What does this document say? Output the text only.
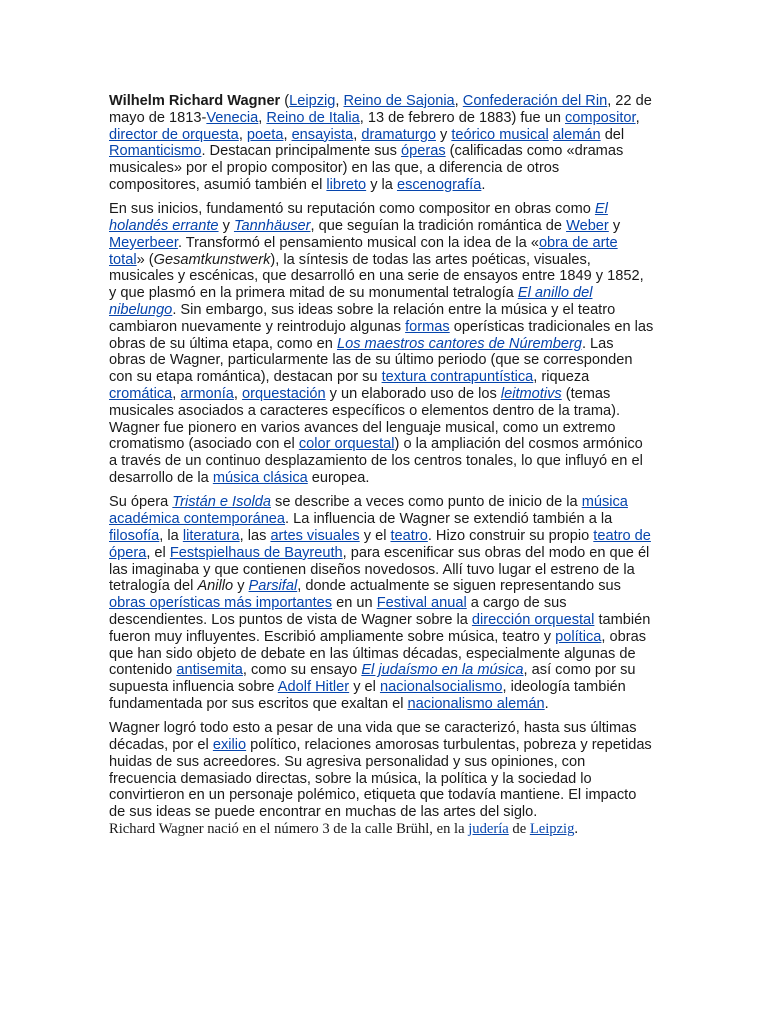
Wilhelm Richard Wagner (Leipzig, Reino de Sajonia, Confederación del Rin, 22 de mayo de 1813-Venecia, Reino de Italia, 13 de febrero de 1883) fue un compositor, director de orquesta, poeta, ensayista, dramaturgo y teórico musical alemán del Romanticismo. Destacan principalmente sus óperas (calificadas como «dramas musicales» por el propio compositor) en las que, a diferencia de otros compositores, asumió también el libreto y la escenografía.

En sus inicios, fundamentó su reputación como compositor en obras como El holandés errante y Tannhäuser, que seguían la tradición romántica de Weber y Meyerbeer. Transformó el pensamiento musical con la idea de la «obra de arte total» (Gesamtkunstwerk), la síntesis de todas las artes poéticas, visuales, musicales y escénicas, que desarrolló en una serie de ensayos entre 1849 y 1852, y que plasmó en la primera mitad de su monumental tetralogía El anillo del nibelungo. Sin embargo, sus ideas sobre la relación entre la música y el teatro cambiaron nuevamente y reintrodujo algunas formas operísticas tradicionales en las obras de su última etapa, como en Los maestros cantores de Núremberg. Las obras de Wagner, particularmente las de su último periodo (que se corresponden con su etapa romántica), destacan por su textura contrapuntística, riqueza cromática, armonía, orquestación y un elaborado uso de los leitmotivs (temas musicales asociados a caracteres específicos o elementos dentro de la trama). Wagner fue pionero en varios avances del lenguaje musical, como un extremo cromatismo (asociado con el color orquestal) o la ampliación del cosmos armónico a través de un continuo desplazamiento de los centros tonales, lo que influyó en el desarrollo de la música clásica europea.

Su ópera Tristán e Isolda se describe a veces como punto de inicio de la música académica contemporánea. La influencia de Wagner se extendió también a la filosofía, la literatura, las artes visuales y el teatro. Hizo construir su propio teatro de ópera, el Festspielhaus de Bayreuth, para escenificar sus obras del modo en que él las imaginaba y que contienen diseños novedosos. Allí tuvo lugar el estreno de la tetralogía del Anillo y Parsifal, donde actualmente se siguen representando sus obras operísticas más importantes en un Festival anual a cargo de sus descendientes. Los puntos de vista de Wagner sobre la dirección orquestal también fueron muy influyentes. Escribió ampliamente sobre música, teatro y política, obras que han sido objeto de debate en las últimas décadas, especialmente algunas de contenido antisemita, como su ensayo El judaísmo en la música, así como por su supuesta influencia sobre Adolf Hitler y el nacionalsocialismo, ideología también fundamentada por sus escritos que exaltan el nacionalismo alemán.

Wagner logró todo esto a pesar de una vida que se caracterizó, hasta sus últimas décadas, por el exilio político, relaciones amorosas turbulentas, pobreza y repetidas huidas de sus acreedores. Su agresiva personalidad y sus opiniones, con frecuencia demasiado directas, sobre la música, la política y la sociedad lo convirtieron en un personaje polémico, etiqueta que todavía mantiene. El impacto de sus ideas se puede encontrar en muchas de las artes del siglo.

Richard Wagner nació en el número 3 de la calle Brühl, en la judería de Leipzig.
